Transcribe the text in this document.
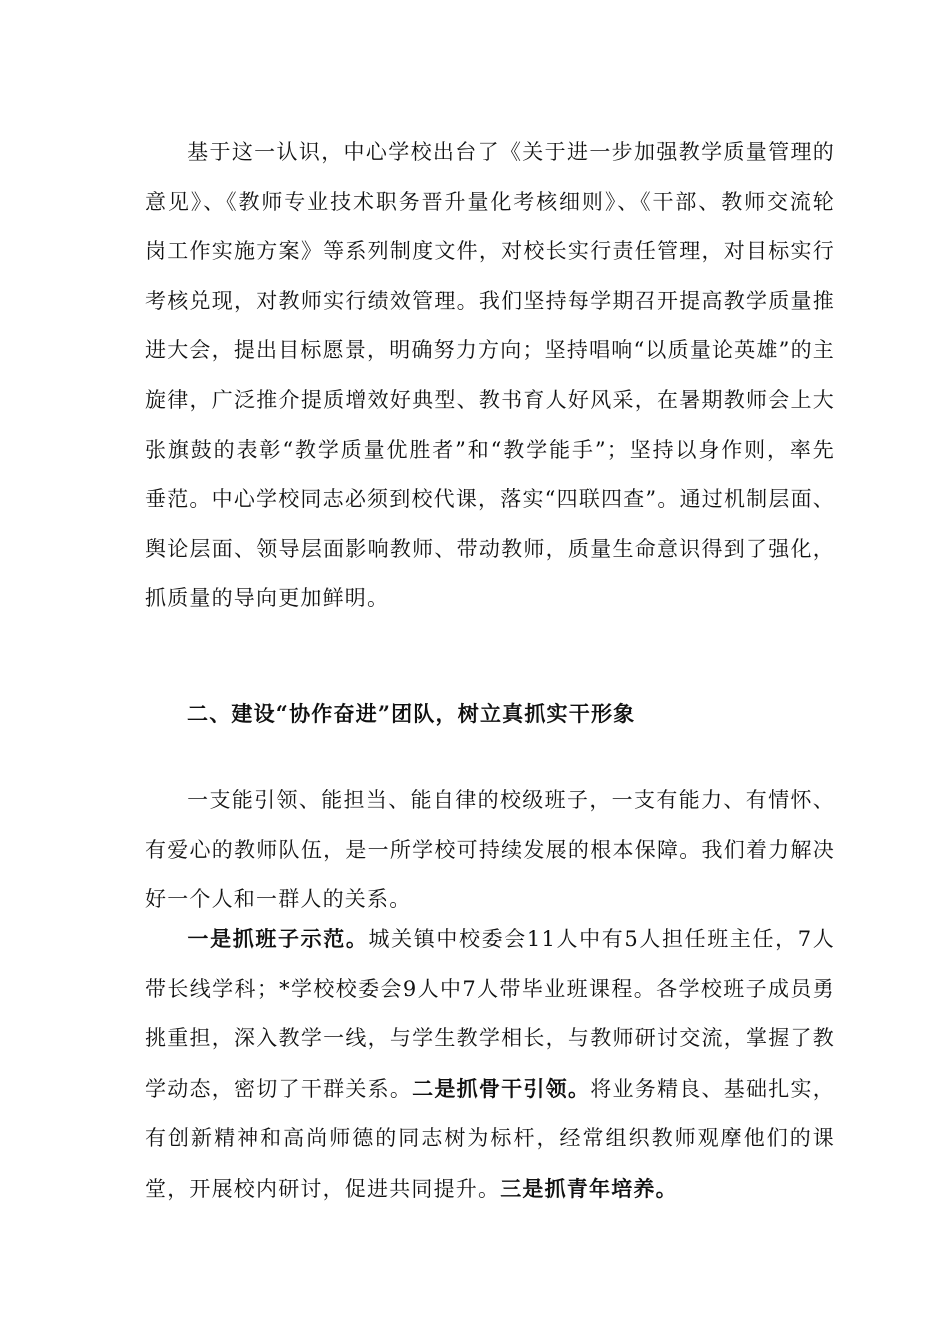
基于这一认识，中心学校出台了《关于进一步加强教学质量管理的意见》、《教师专业技术职务晋升量化考核细则》、《干部、教师交流轮岗工作实施方案》等系列制度文件，对校长实行责任管理，对目标实行考核兑现，对教师实行绩效管理。我们坚持每学期召开提高教学质量推进大会，提出目标愿景，明确努力方向；坚持唱响“以质量论英雄”的主旋律，广泛推介提质增效好典型、教书育人好风采，在暑期教师会上大张旗鼓的表彰“教学质量优胜者”和“教学能手”；坚持以身作则，率先垂范。中心学校同志必须到校代课，落实“四联四查”。通过机制层面、舆论层面、领导层面影响教师、带动教师，质量生命意识得到了强化，抓质量的导向更加鲜明。

二、建设“协作奋进”团队，树立真抓实干形象

一支能引领、能担当、能自律的校级班子，一支有能力、有情怀、有爱心的教师队伍，是一所学校可持续发展的根本保障。我们着力解决好一个人和一群人的关系。

一是抓班子示范。城关镇中校委会11人中有5人担任班主任，7人带长线学科；*学校校委会9人中7人带毕业班课程。各学校班子成员勇挑重担，深入教学一线，与学生教学相长，与教师研讨交流，掌握了教学动态，密切了干群关系。二是抓骨干引领。将业务精良、基础扎实，有创新精神和高尚师德的同志树为标杆，经常组织教师观摩他们的课堂，开展校内研讨，促进共同提升。三是抓青年培养。
